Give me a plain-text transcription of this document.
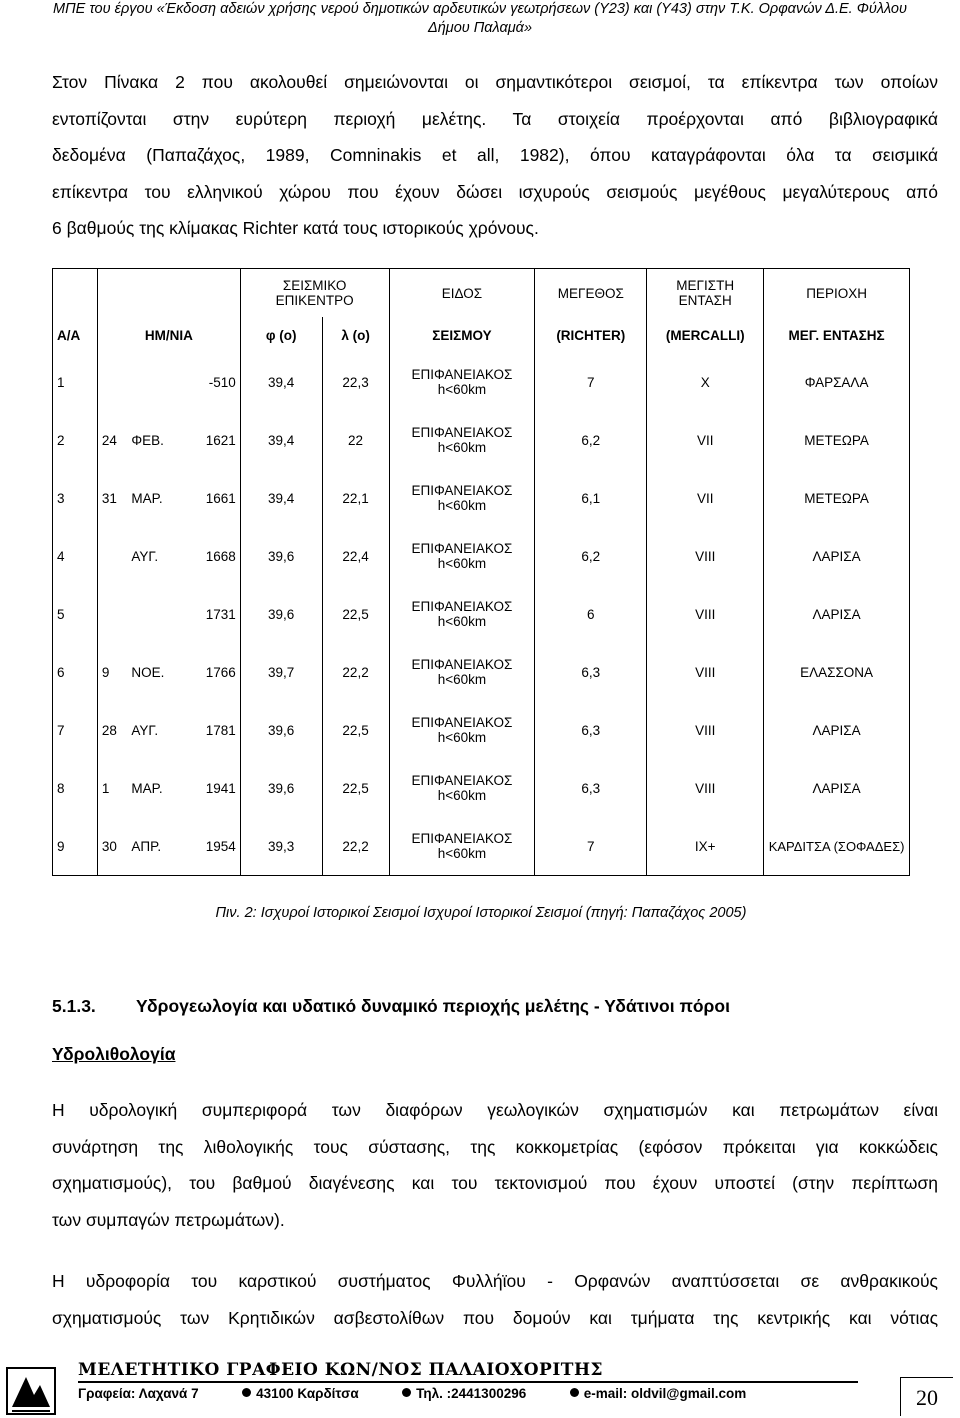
ΜΠΕ του έργου «Έκδοση αδειών χρήσης νερού δημοτικών αρδευτικών γεωτρήσεων (Υ23) και (Υ43) στην Τ.Κ. Ορφανών Δ.Ε. Φύλλου
Δήμου Παλαμά»
Στον Πίνακα 2 που ακολουθεί σημειώνονται οι σημαντικότεροι σεισμοί, τα επίκεντρα των οποίων
εντοπίζονται στην ευρύτερη περιοχή μελέτης. Τα στοιχεία προέρχονται από βιβλιογραφικά
δεδομένα (Παπαζάχος, 1989, Comninakis et all, 1982), όπου καταγράφονται όλα τα σεισμικά
επίκεντρα του ελληνικού χώρου που έχουν δώσει ισχυρούς σεισμούς μεγέθους μεγαλύτερους από
6 βαθμούς της κλίμακας Richter κατά τους ιστορικούς χρόνους.
				ΣΕΙΣΜΙΚΟ ΕΠΙΚΕΝΤΡΟ		ΕΙΔΟΣ	ΜΕΓΕΘΟΣ	ΜΕΓΙΣΤΗ ΕΝΤΑΣΗ	ΠΕΡΙΟΧΗ
Α/Α	ΗΜ/ΝΙΑ			φ (ο)	λ (ο)	ΣΕΙΣΜΟΥ	(RICHTER)	(MERCALLI)	ΜΕΓ. ΕΝΤΑΣΗΣ
1			-510	39,4	22,3	ΕΠΙΦΑΝΕΙΑΚΟΣ
h<60km	7	X	ΦΑΡΣΑΛΑ
2	24	ΦΕΒ.	1621	39,4	22	ΕΠΙΦΑΝΕΙΑΚΟΣ
h<60km	6,2	VII	ΜΕΤΕΩΡΑ
3	31	ΜΑΡ.	1661	39,4	22,1	ΕΠΙΦΑΝΕΙΑΚΟΣ
h<60km	6,1	VII	ΜΕΤΕΩΡΑ
4		ΑΥΓ.	1668	39,6	22,4	ΕΠΙΦΑΝΕΙΑΚΟΣ
h<60km	6,2	VIII	ΛΑΡΙΣΑ
5			1731	39,6	22,5	ΕΠΙΦΑΝΕΙΑΚΟΣ
h<60km	6	VIII	ΛΑΡΙΣΑ
6	9	ΝΟΕ.	1766	39,7	22,2	ΕΠΙΦΑΝΕΙΑΚΟΣ
h<60km	6,3	VIII	ΕΛΑΣΣΟΝΑ
7	28	ΑΥΓ.	1781	39,6	22,5	ΕΠΙΦΑΝΕΙΑΚΟΣ
h<60km	6,3	VIII	ΛΑΡΙΣΑ
8	1	ΜΑΡ.	1941	39,6	22,5	ΕΠΙΦΑΝΕΙΑΚΟΣ
h<60km	6,3	VIII	ΛΑΡΙΣΑ
9	30	ΑΠΡ.	1954	39,3	22,2	ΕΠΙΦΑΝΕΙΑΚΟΣ
h<60km	7	IX+	ΚΑΡΔΙΤΣΑ (ΣΟΦΑΔΕΣ)
Πιν. 2: Ισχυροί Ιστορικοί Σεισμοί Ισχυροί Ιστορικοί Σεισμοί (πηγή: Παπαζάχος 2005)
5.1.3. Υδρογεωλογία και υδατικό δυναμικό περιοχής μελέτης - Υδάτινοι πόροι
Υδρολιθολογία
Η υδρολογική συμπεριφορά των διαφόρων γεωλογικών σχηματισμών και πετρωμάτων είναι
συνάρτηση της λιθολογικής τους σύστασης, της κοκκομετρίας (εφόσον πρόκειται για κοκκώδεις
σχηματισμούς), του βαθμού διαγένεσης και του τεκτονισμού που έχουν υποστεί (στην περίπτωση
των συμπαγών πετρωμάτων).
Η υδροφορία του καρστικού συστήματος Φυλλήϊου - Ορφανών αναπτύσσεται σε ανθρακικούς
σχηματισμούς των Κρητιδικών ασβεστολίθων που δομούν και τμήματα της κεντρικής και νότιας
ΜΕΛΕΤΗΤΙΚΟ ΓΡΑΦΕΙΟ ΚΩΝ/ΝΟΣ ΠΑΛΑΙΟΧΟΡΙΤΗΣ
20
Γραφεία: Λαχανά 7	43100 Καρδίτσα	Τηλ. :2441300296	e-mail: oldvil@gmail.com
